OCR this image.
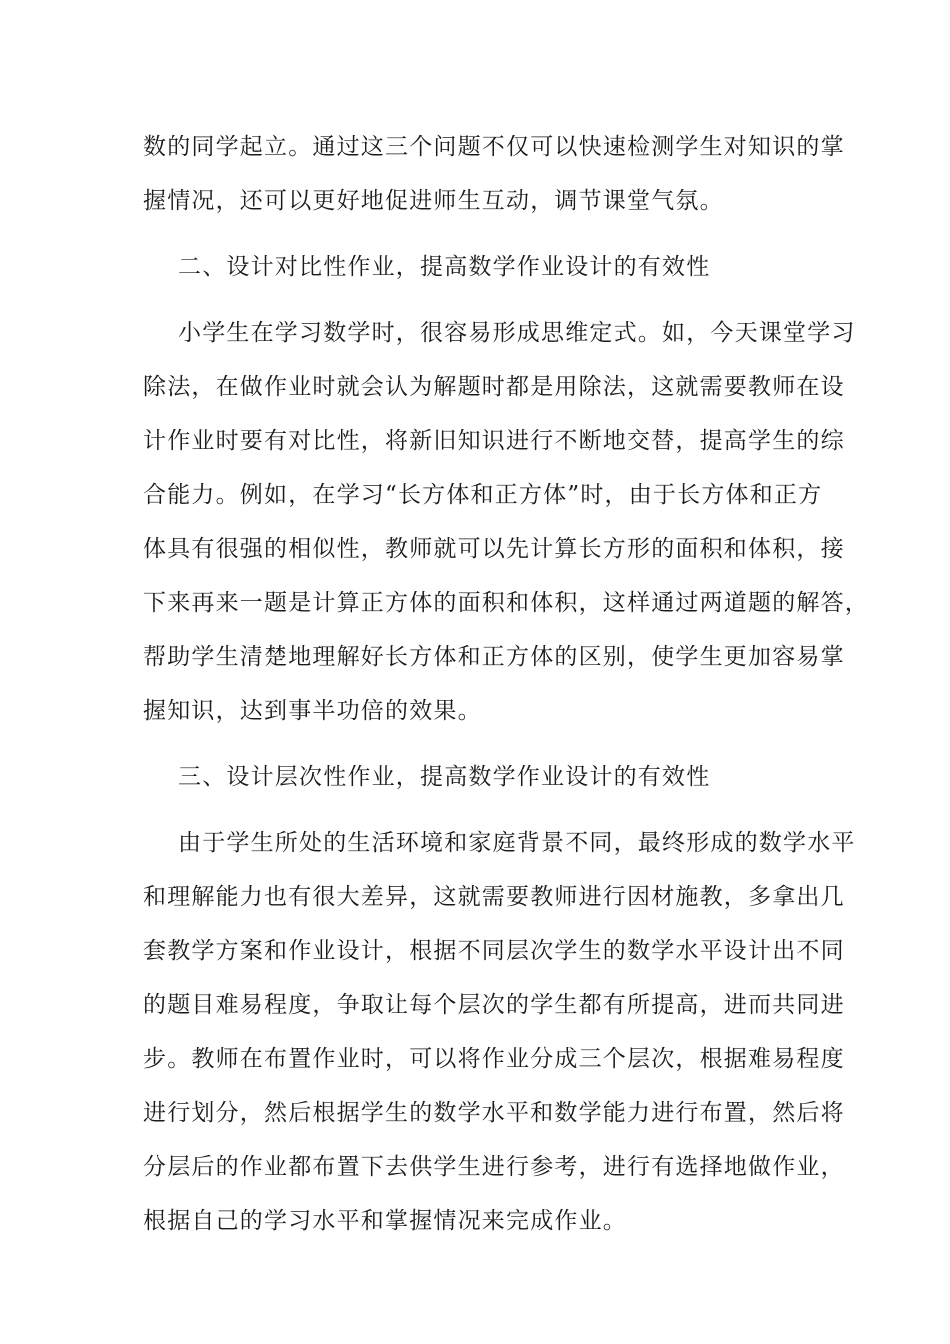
数的同学起立。通过这三个问题不仅可以快速检测学生对知识的掌
握情况，还可以更好地促进师生互动，调节课堂气氛。
二、设计对比性作业，提高数学作业设计的有效性
小学生在学习数学时，很容易形成思维定式。如，今天课堂学习
除法，在做作业时就会认为解题时都是用除法，这就需要教师在设
计作业时要有对比性，将新旧知识进行不断地交替，提高学生的综
合能力。例如，在学习“长方体和正方体”时，由于长方体和正方
体具有很强的相似性，教师就可以先计算长方形的面积和体积，接
下来再来一题是计算正方体的面积和体积，这样通过两道题的解答，
帮助学生清楚地理解好长方体和正方体的区别，使学生更加容易掌
握知识，达到事半功倍的效果。
三、设计层次性作业，提高数学作业设计的有效性
由于学生所处的生活环境和家庭背景不同，最终形成的数学水平
和理解能力也有很大差异，这就需要教师进行因材施教，多拿出几
套教学方案和作业设计，根据不同层次学生的数学水平设计出不同
的题目难易程度，争取让每个层次的学生都有所提高，进而共同进
步。教师在布置作业时，可以将作业分成三个层次，根据难易程度
进行划分，然后根据学生的数学水平和数学能力进行布置，然后将
分层后的作业都布置下去供学生进行参考，进行有选择地做作业，
根据自己的学习水平和掌握情况来完成作业。
